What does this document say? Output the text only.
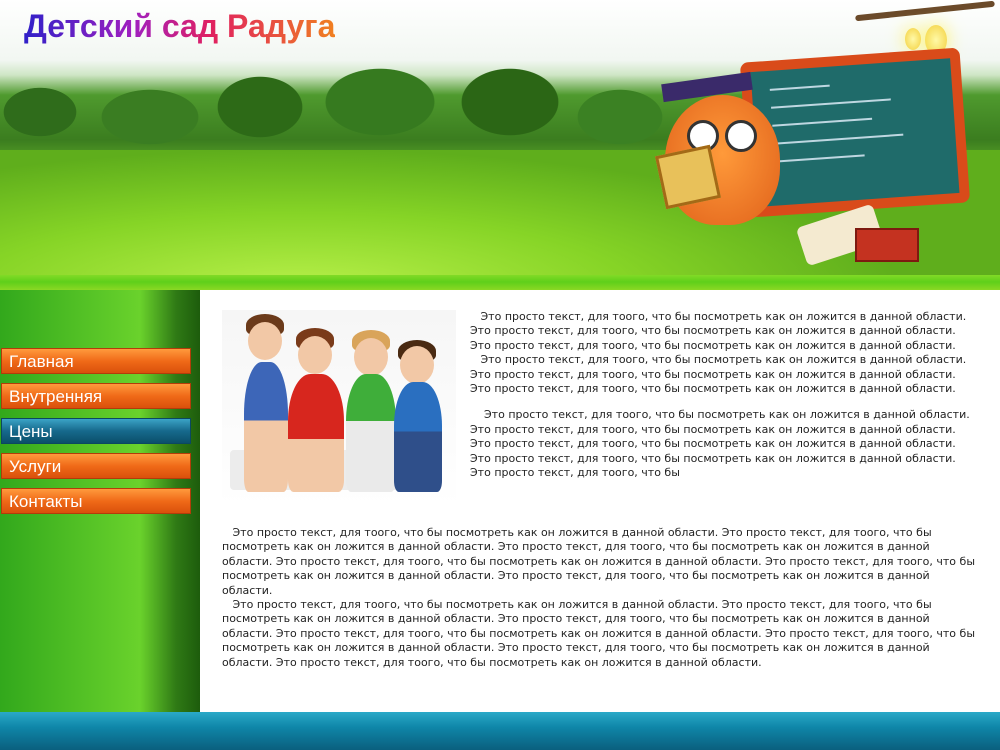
Детский сад Радуга
Главная
Внутренняя
Цены
Услуги
Контакты

Это просто текст, для тоого, что бы посмотреть как он ложится в данной области. Это просто текст, для тоого, что бы посмотреть как он ложится в данной области. Это просто текст, для тоого, что бы посмотреть как он ложится в данной области.

Это просто текст, для тоого, что бы посмотреть как он ложится в данной области. Это просто текст, для тоого, что бы посмотреть как он ложится в данной области. Это просто текст, для тоого, что бы посмотреть как он ложится в данной области.

Это просто текст, для тоого, что бы посмотреть как он ложится в данной области. Это просто текст, для тоого, что бы посмотреть как он ложится в данной области. Это просто текст, для тоого, что бы посмотреть как он ложится в данной области. Это просто текст, для тоого, что бы посмотреть как он ложится в данной области. Это просто текст, для тоого, что бы

Это просто текст, для тоого, что бы посмотреть как он ложится в данной области. Это просто текст, для тоого, что бы посмотреть как он ложится в данной области. Это просто текст, для тоого, что бы посмотреть как он ложится в данной области. Это просто текст, для тоого, что бы посмотреть как он ложится в данной области. Это просто текст, для тоого, что бы посмотреть как он ложится в данной области. Это просто текст, для тоого, что бы посмотреть как он ложится в данной области.

Это просто текст, для тоого, что бы посмотреть как он ложится в данной области. Это просто текст, для тоого, что бы посмотреть как он ложится в данной области. Это просто текст, для тоого, что бы посмотреть как он ложится в данной области. Это просто текст, для тоого, что бы посмотреть как он ложится в данной области. Это просто текст, для тоого, что бы посмотреть как он ложится в данной области. Это просто текст, для тоого, что бы посмотреть как он ложится в данной области. Это просто текст, для тоого, что бы посмотреть как он ложится в данной области.
